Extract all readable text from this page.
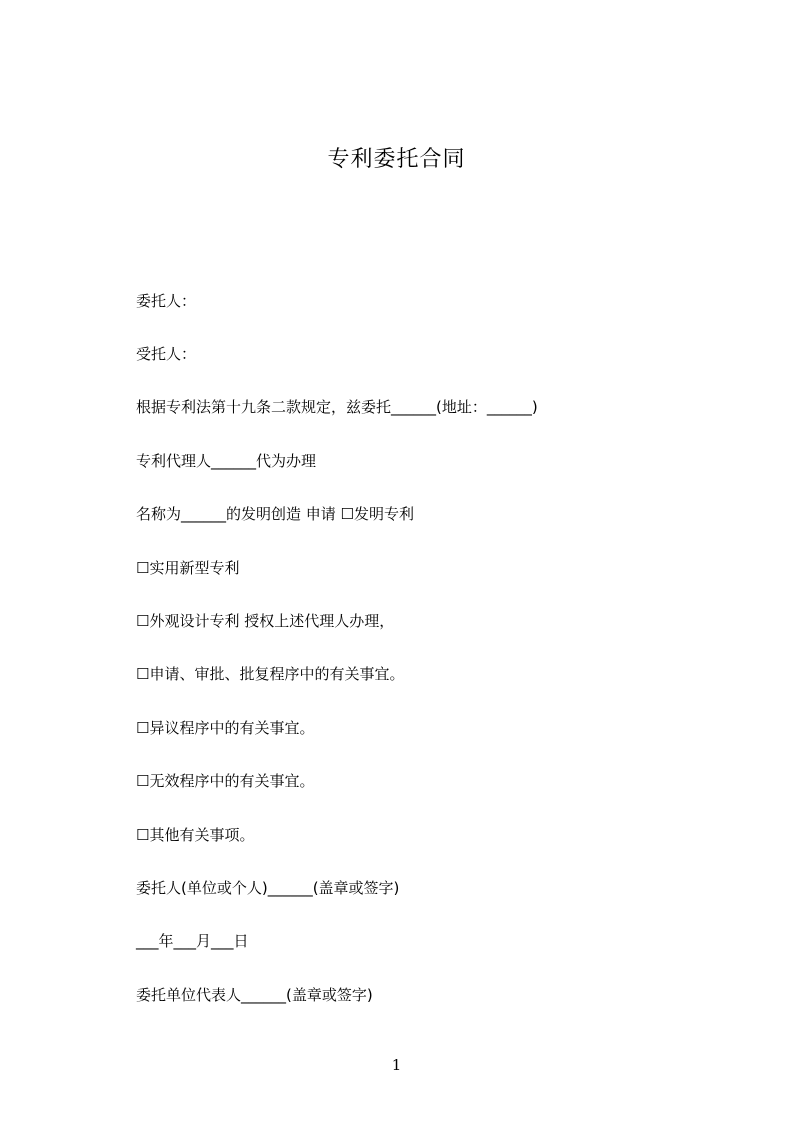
专利委托合同
委托人：
受托人：
根据专利法第十九条二款规定，兹委托______(地址：______)
专利代理人______代为办理
名称为______的发明创造 申请 ☐发明专利
☐实用新型专利
☐外观设计专利 授权上述代理人办理，
☐申请、审批、批复程序中的有关事宜。
☐异议程序中的有关事宜。
☐无效程序中的有关事宜。
☐其他有关事项。
委托人(单位或个人)______(盖章或签字)
___年___月___日
委托单位代表人______(盖章或签字)
1
